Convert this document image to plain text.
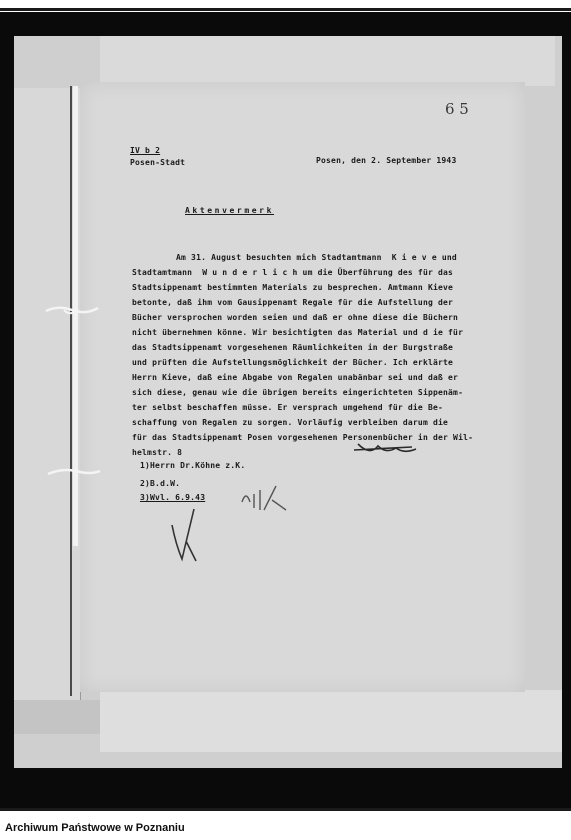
6 5
IV b 2
Posen-Stadt	Posen, den 2. September 1943
Aktenvermerk
Am 31. August besuchten mich Stadtamtmann  K i e v e und
Stadtamtmann  W u n d e r l i c h um die Überführung des für das
Stadtsippenamt bestimmten Materials zu besprechen. Amtmann Kieve
betonte, daß ihm vom Gausippenamt Regale für die Aufstellung der
Bücher versprochen worden seien und daß er ohne diese die Büchern
nicht übernehmen könne. Wir besichtigten das Material und d ie für
das Stadtsippenamt vorgesehenen Räumlichkeiten in der Burgstraße
und prüften die Aufstellungsmöglichkeit der Bücher. Ich erklärte
Herrn Kieve, daß eine Abgabe von Regalen unabänbar sei und daß er
sich diese, genau wie die übrigen bereits eingerichteten Sippenäm-
ter selbst beschaffen müsse. Er versprach umgehend für die Be-
schaffung von Regalen zu sorgen. Vorläufig verbleiben darum die
für das Stadtsippenamt Posen vorgesehenen Personenbücher in der Wil-
helmstr. 8
1)Herrn Dr.Köhne z.K.
2)B.d.W.
3)Wvl. 6.9.43
Archiwum Państwowe w Poznaniu
